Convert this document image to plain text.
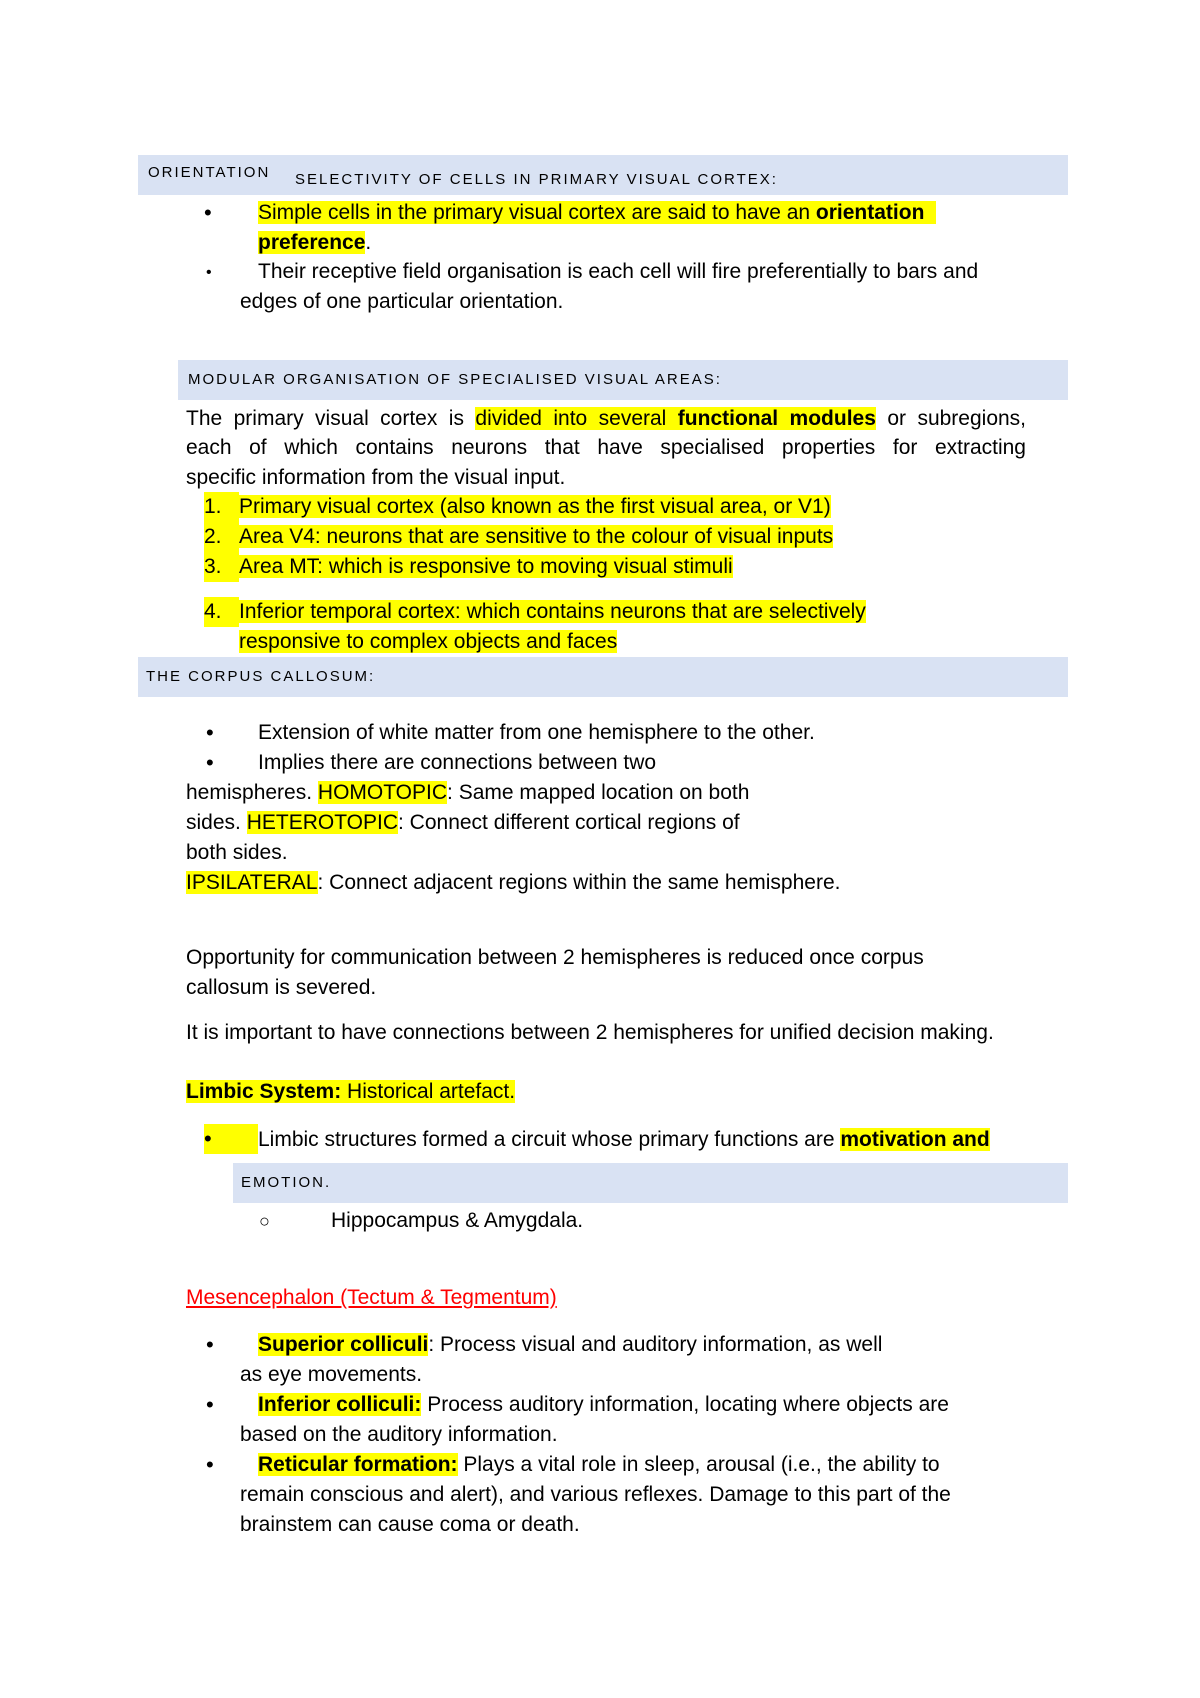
ORIENTATION SELECTIVITY OF CELLS IN PRIMARY VISUAL CORTEX:
• Simple cells in the primary visual cortex are said to have an orientation
preference.
• Their receptive field organisation is each cell will fire preferentially to bars and
edges of one particular orientation.
MODULAR ORGANISATION OF SPECIALISED VISUAL AREAS:
The primary visual cortex is divided into several functional modules or subregions,
each of which contains neurons that have specialised properties for extracting
specific information from the visual input.
1. Primary visual cortex (also known as the first visual area, or V1)
2. Area V4: neurons that are sensitive to the colour of visual inputs
3. Area MT: which is responsive to moving visual stimuli
4. Inferior temporal cortex: which contains neurons that are selectively
responsive to complex objects and faces
THE CORPUS CALLOSUM:
• Extension of white matter from one hemisphere to the other.
• Implies there are connections between two
hemispheres. HOMOTOPIC: Same mapped location on both
sides. HETEROTOPIC: Connect different cortical regions of
both sides.
IPSILATERAL: Connect adjacent regions within the same hemisphere.
Opportunity for communication between 2 hemispheres is reduced once corpus
callosum is severed.
It is important to have connections between 2 hemispheres for unified decision making.
Limbic System: Historical artefact.
• Limbic structures formed a circuit whose primary functions are motivation and
EMOTION.
○	Hippocampus & Amygdala.
Mesencephalon (Tectum & Tegmentum)
• Superior colliculi: Process visual and auditory information, as well
as eye movements.
• Inferior colliculi: Process auditory information, locating where objects are
based on the auditory information.
• Reticular formation: Plays a vital role in sleep, arousal (i.e., the ability to
remain conscious and alert), and various reflexes. Damage to this part of the
brainstem can cause coma or death.
